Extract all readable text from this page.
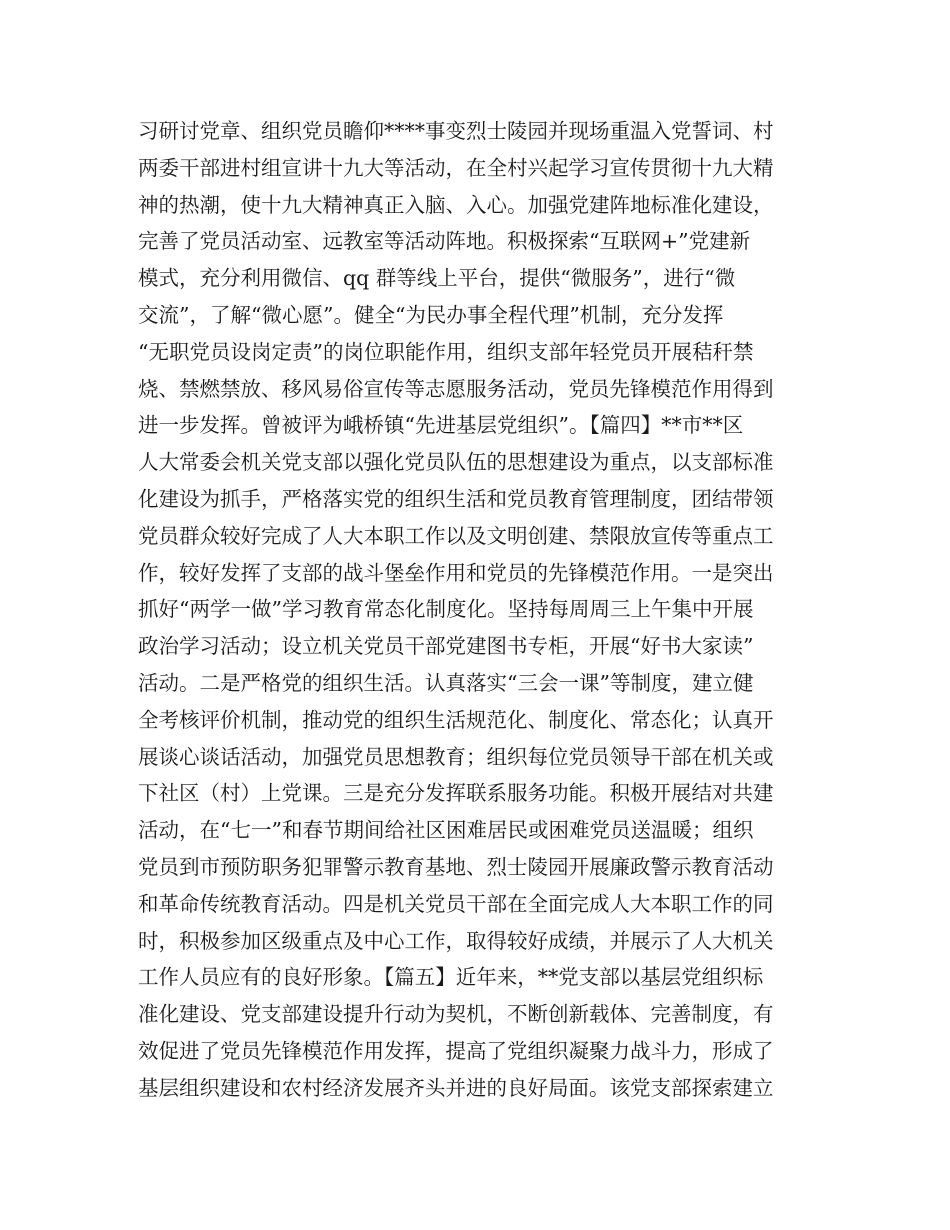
习研讨党章、组织党员瞻仰****事变烈士陵园并现场重温入党誓词、村
两委干部进村组宣讲十九大等活动，在全村兴起学习宣传贯彻十九大精
神的热潮，使十九大精神真正入脑、入心。加强党建阵地标准化建设，
完善了党员活动室、远教室等活动阵地。积极探索“互联网+”党建新
模式，充分利用微信、qq 群等线上平台，提供“微服务”，进行“微
交流”，了解“微心愿”。健全“为民办事全程代理”机制，充分发挥
“无职党员设岗定责”的岗位职能作用，组织支部年轻党员开展秸秆禁
烧、禁燃禁放、移风易俗宣传等志愿服务活动，党员先锋模范作用得到
进一步发挥。曾被评为峨桥镇“先进基层党组织”。【篇四】**市**区
人大常委会机关党支部以强化党员队伍的思想建设为重点，以支部标准
化建设为抓手，严格落实党的组织生活和党员教育管理制度，团结带领
党员群众较好完成了人大本职工作以及文明创建、禁限放宣传等重点工
作，较好发挥了支部的战斗堡垒作用和党员的先锋模范作用。一是突出
抓好“两学一做”学习教育常态化制度化。坚持每周周三上午集中开展
政治学习活动；设立机关党员干部党建图书专柜，开展“好书大家读”
活动。二是严格党的组织生活。认真落实“三会一课”等制度，建立健
全考核评价机制，推动党的组织生活规范化、制度化、常态化；认真开
展谈心谈话活动，加强党员思想教育；组织每位党员领导干部在机关或
下社区（村）上党课。三是充分发挥联系服务功能。积极开展结对共建
活动，在“七一”和春节期间给社区困难居民或困难党员送温暖；组织
党员到市预防职务犯罪警示教育基地、烈士陵园开展廉政警示教育活动
和革命传统教育活动。四是机关党员干部在全面完成人大本职工作的同
时，积极参加区级重点及中心工作，取得较好成绩，并展示了人大机关
工作人员应有的良好形象。【篇五】近年来，**党支部以基层党组织标
准化建设、党支部建设提升行动为契机，不断创新载体、完善制度，有
效促进了党员先锋模范作用发挥，提高了党组织凝聚力战斗力，形成了
基层组织建设和农村经济发展齐头并进的良好局面。该党支部探索建立
